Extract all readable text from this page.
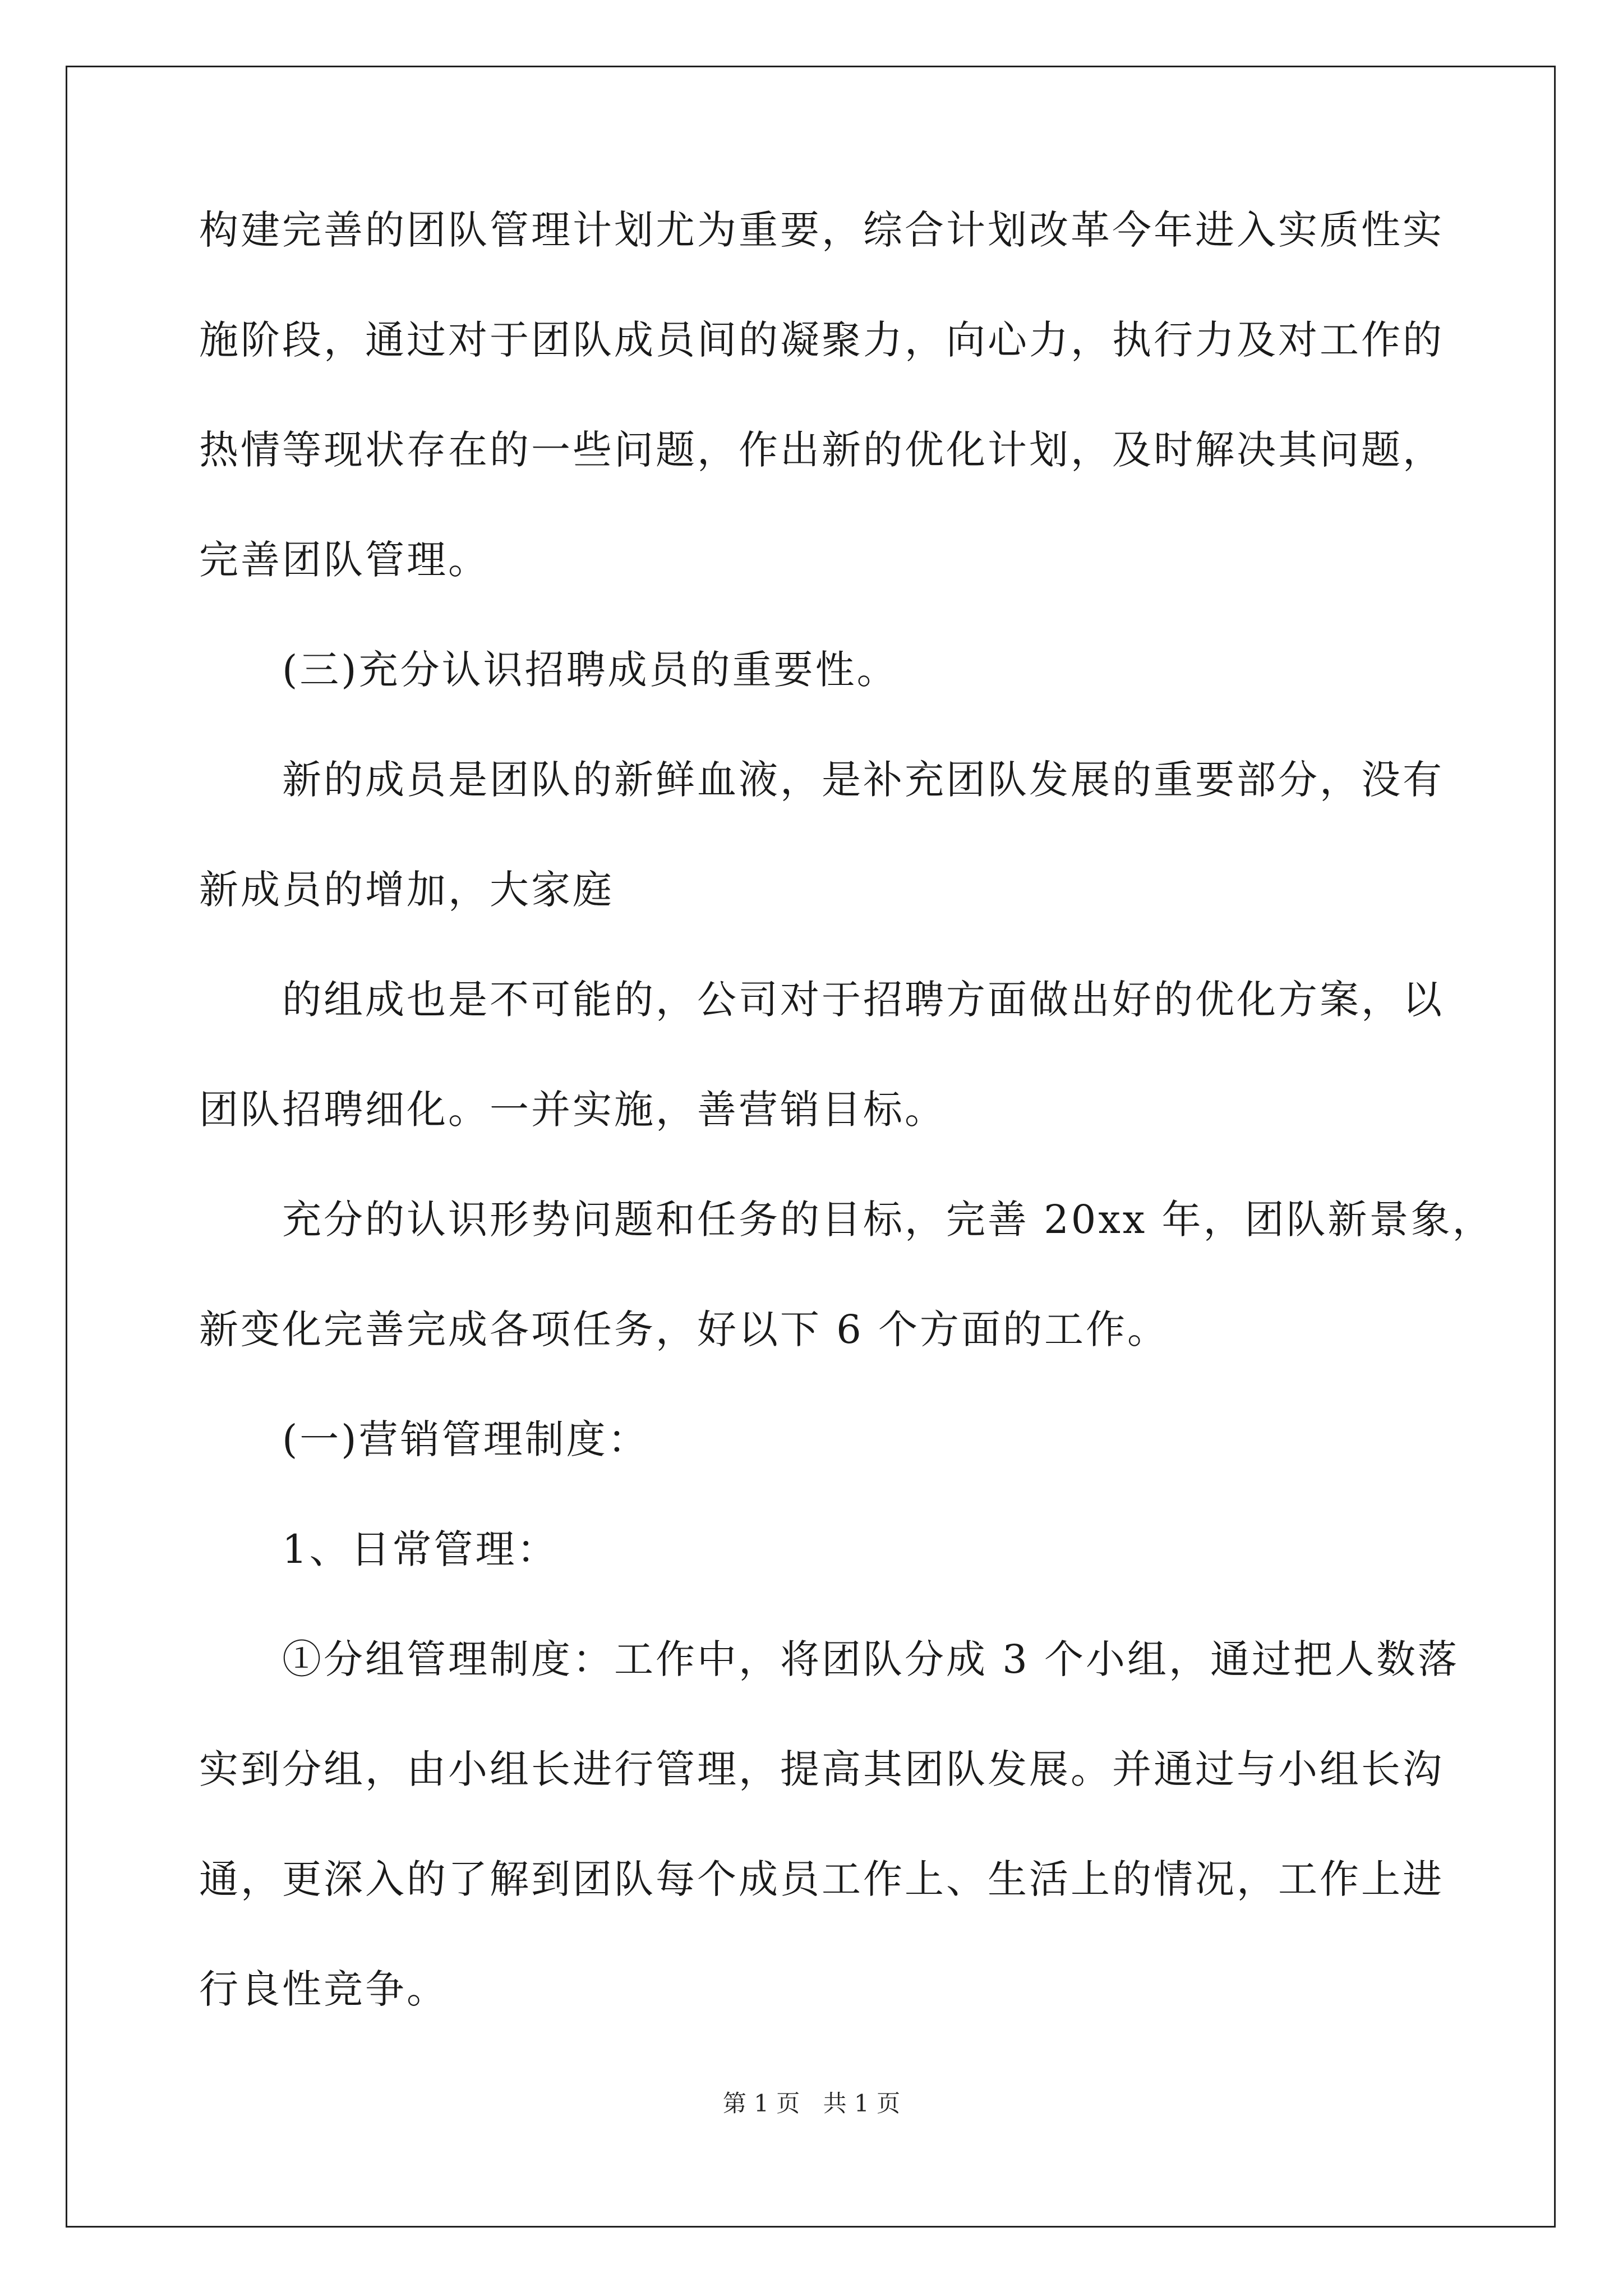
构建完善的团队管理计划尤为重要，综合计划改革今年进入实质性实
施阶段，通过对于团队成员间的凝聚力，向心力，执行力及对工作的
热情等现状存在的一些问题，作出新的优化计划，及时解决其问题，
完善团队管理。
(三)充分认识招聘成员的重要性。
新的成员是团队的新鲜血液，是补充团队发展的重要部分，没有
新成员的增加，大家庭
的组成也是不可能的，公司对于招聘方面做出好的优化方案，以
团队招聘细化。一并实施，善营销目标。
充分的认识形势问题和任务的目标，完善 20xx 年，团队新景象，
新变化完善完成各项任务，好以下 6 个方面的工作。
(一)营销管理制度：
1、日常管理：
①分组管理制度：工作中，将团队分成 3 个小组，通过把人数落
实到分组，由小组长进行管理，提高其团队发展。并通过与小组长沟
通，更深入的了解到团队每个成员工作上、生活上的情况，工作上进
行良性竞争。
第 1 页 共 1 页
